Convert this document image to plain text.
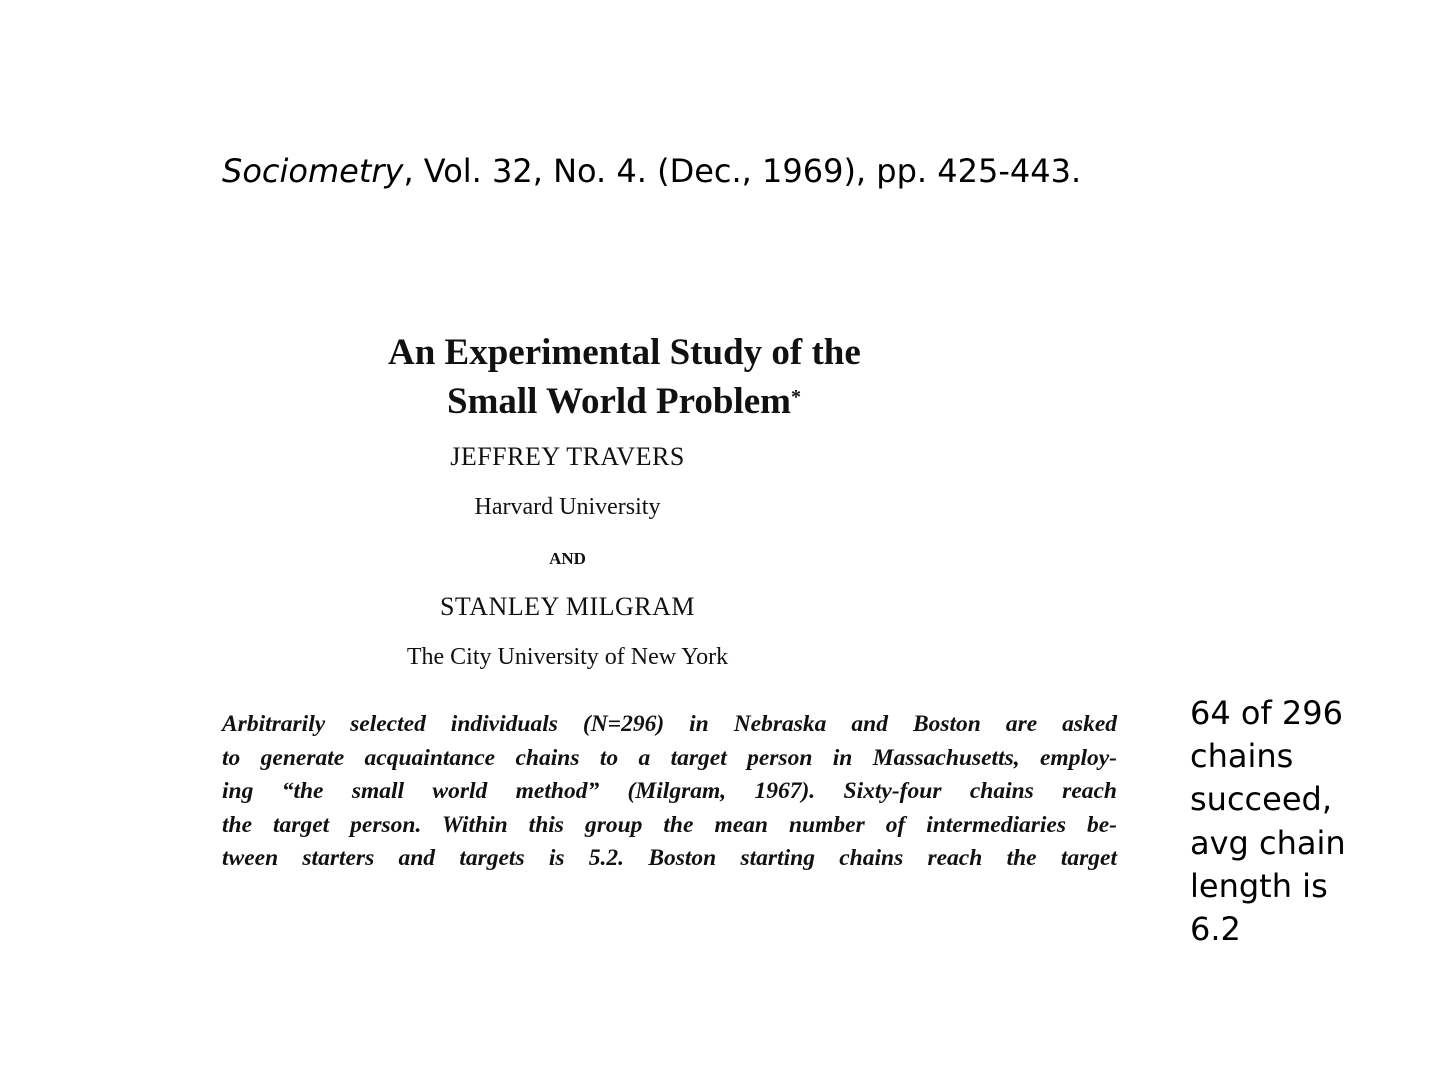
Sociometry, Vol. 32, No. 4. (Dec., 1969), pp. 425-443.
An Experimental Study of the
Small World Problem*
JEFFREY TRAVERS
Harvard University
AND
STANLEY MILGRAM
The City University of New York
Arbitrarily selected individuals (N=296) in Nebraska and Boston are asked
to generate acquaintance chains to a target person in Massachusetts, employ-
ing “the small world method” (Milgram, 1967). Sixty-four chains reach
the target person. Within this group the mean number of intermediaries be-
tween starters and targets is 5.2. Boston starting chains reach the target
64 of 296 chains succeed, avg chain length is 6.2
